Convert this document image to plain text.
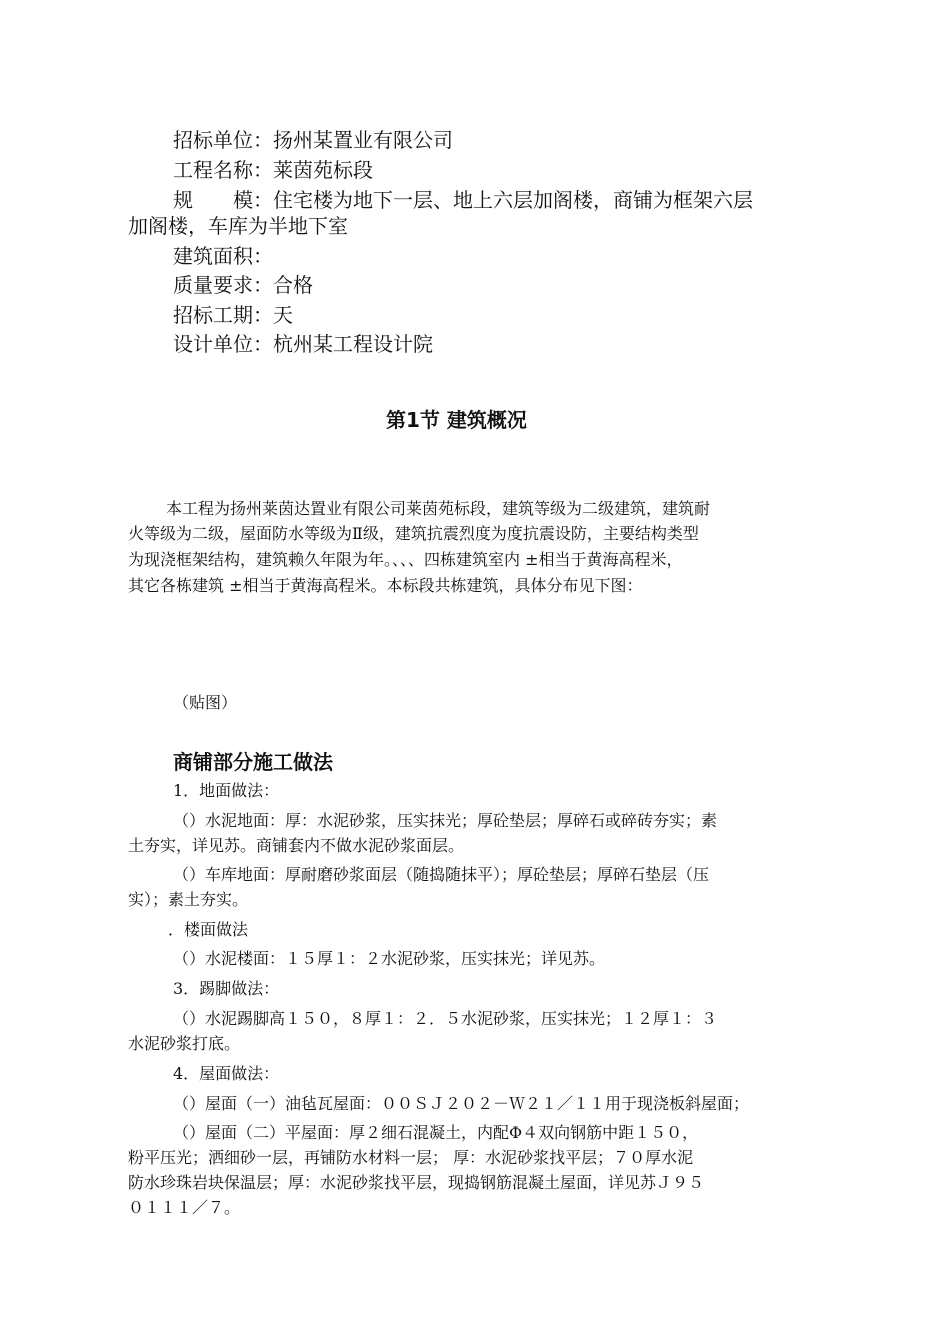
招标单位：扬州某置业有限公司
工程名称：莱茵苑标段
规　　模：住宅楼为地下一层、地上六层加阁楼，商铺为框架六层
加阁楼，车库为半地下室
建筑面积：
质量要求：合格
招标工期：天
设计单位：杭州某工程设计院
第1节 建筑概况
本工程为扬州莱茵达置业有限公司莱茵苑标段，建筑等级为二级建筑，建筑耐
火等级为二级，屋面防水等级为Ⅱ级，建筑抗震烈度为度抗震设防，主要结构类型
为现浇框架结构，建筑赖久年限为年。、、、四栋建筑室内 ±相当于黄海高程米，
其它各栋建筑 ±相当于黄海高程米。本标段共栋建筑，具体分布见下图：
（贴图）
商铺部分施工做法
1．地面做法：
（）水泥地面：厚：水泥砂浆，压实抹光；厚砼垫层；厚碎石或碎砖夯实；素
土夯实，详见苏。商铺套内不做水泥砂浆面层。
（）车库地面：厚耐磨砂浆面层（随捣随抹平）；厚砼垫层；厚碎石垫层（压
实）；素土夯实。
．楼面做法
（）水泥楼面：１５厚１：２水泥砂浆，压实抹光；详见苏。
3．踢脚做法：
（）水泥踢脚高１５０，８厚１：２．５水泥砂浆，压实抹光；１２厚１：３
水泥砂浆打底。
4．屋面做法：
（）屋面（一）油毡瓦屋面：００ＳＪ２０２－Ｗ２１／１１用于现浇板斜屋面；
（）屋面（二）平屋面：厚２细石混凝土，内配Φ４双向钢筋中距１５０，
粉平压光；洒细砂一层，再铺防水材料一层； 厚：水泥砂浆找平层；７０厚水泥
防水珍珠岩块保温层；厚：水泥砂浆找平层，现捣钢筋混凝土屋面，详见苏Ｊ９５
０１１１／７。
